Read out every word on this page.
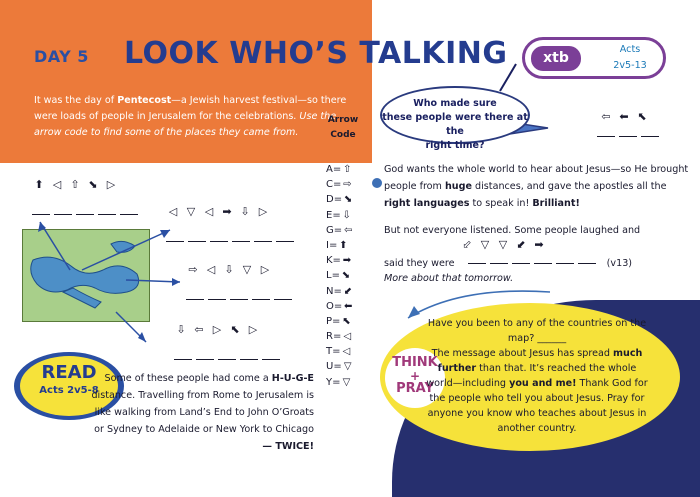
DAY 5 LOOK WHO’S TALKING
It was the day of Pentecost—a Jewish harvest festival—so there were loads of people in Jerusalem for the celebrations. Use the arrow code to find some of the places they came from.
xtb
Acts
2v5-13
Who made sure
these people were there at the
right time?
⇦ ⬅ ⬉
Arrow
Code
A= ⇧
C= ⇨
D= ⬊
E= ⇩
G= ⇦
I= ⬆
K= ➡
L= ⬊
N= ⬋
O= ⬅
P= ⬉
R= ◁
T= ◁
U= ▽
Y= ▽
⬆ ◁ ⇧ ⬊ ▷
◁ ▽ ◁ ➡ ⇩ ▷
⇨ ◁ ⇩ ▽ ▷
⇩ ⇦ ▷ ⬉ ▷
READ
Acts 2v5-8
Some of these people had come a H-U-G-E distance. Travelling from Rome to Jerusalem is like walking from Land’s End to John O’Groats or Sydney to Adelaide or New York to Chicago — TWICE!
God wants the whole world to hear about Jesus—so He brought people from huge distances, and gave the apostles all the right languages to speak in! Brilliant!
But not everyone listened. Some people laughed and
⬃ ▽ ▽ ⬋ ➡
said they were	(v13)
More about that tomorrow.
THINK
+
PRAY
Have you been to any of the countries on the map? ______
The message about Jesus has spread much further than that. It’s reached the whole world—including you and me! Thank God for the people who tell you about Jesus. Pray for anyone you know who teaches about Jesus in another country.
